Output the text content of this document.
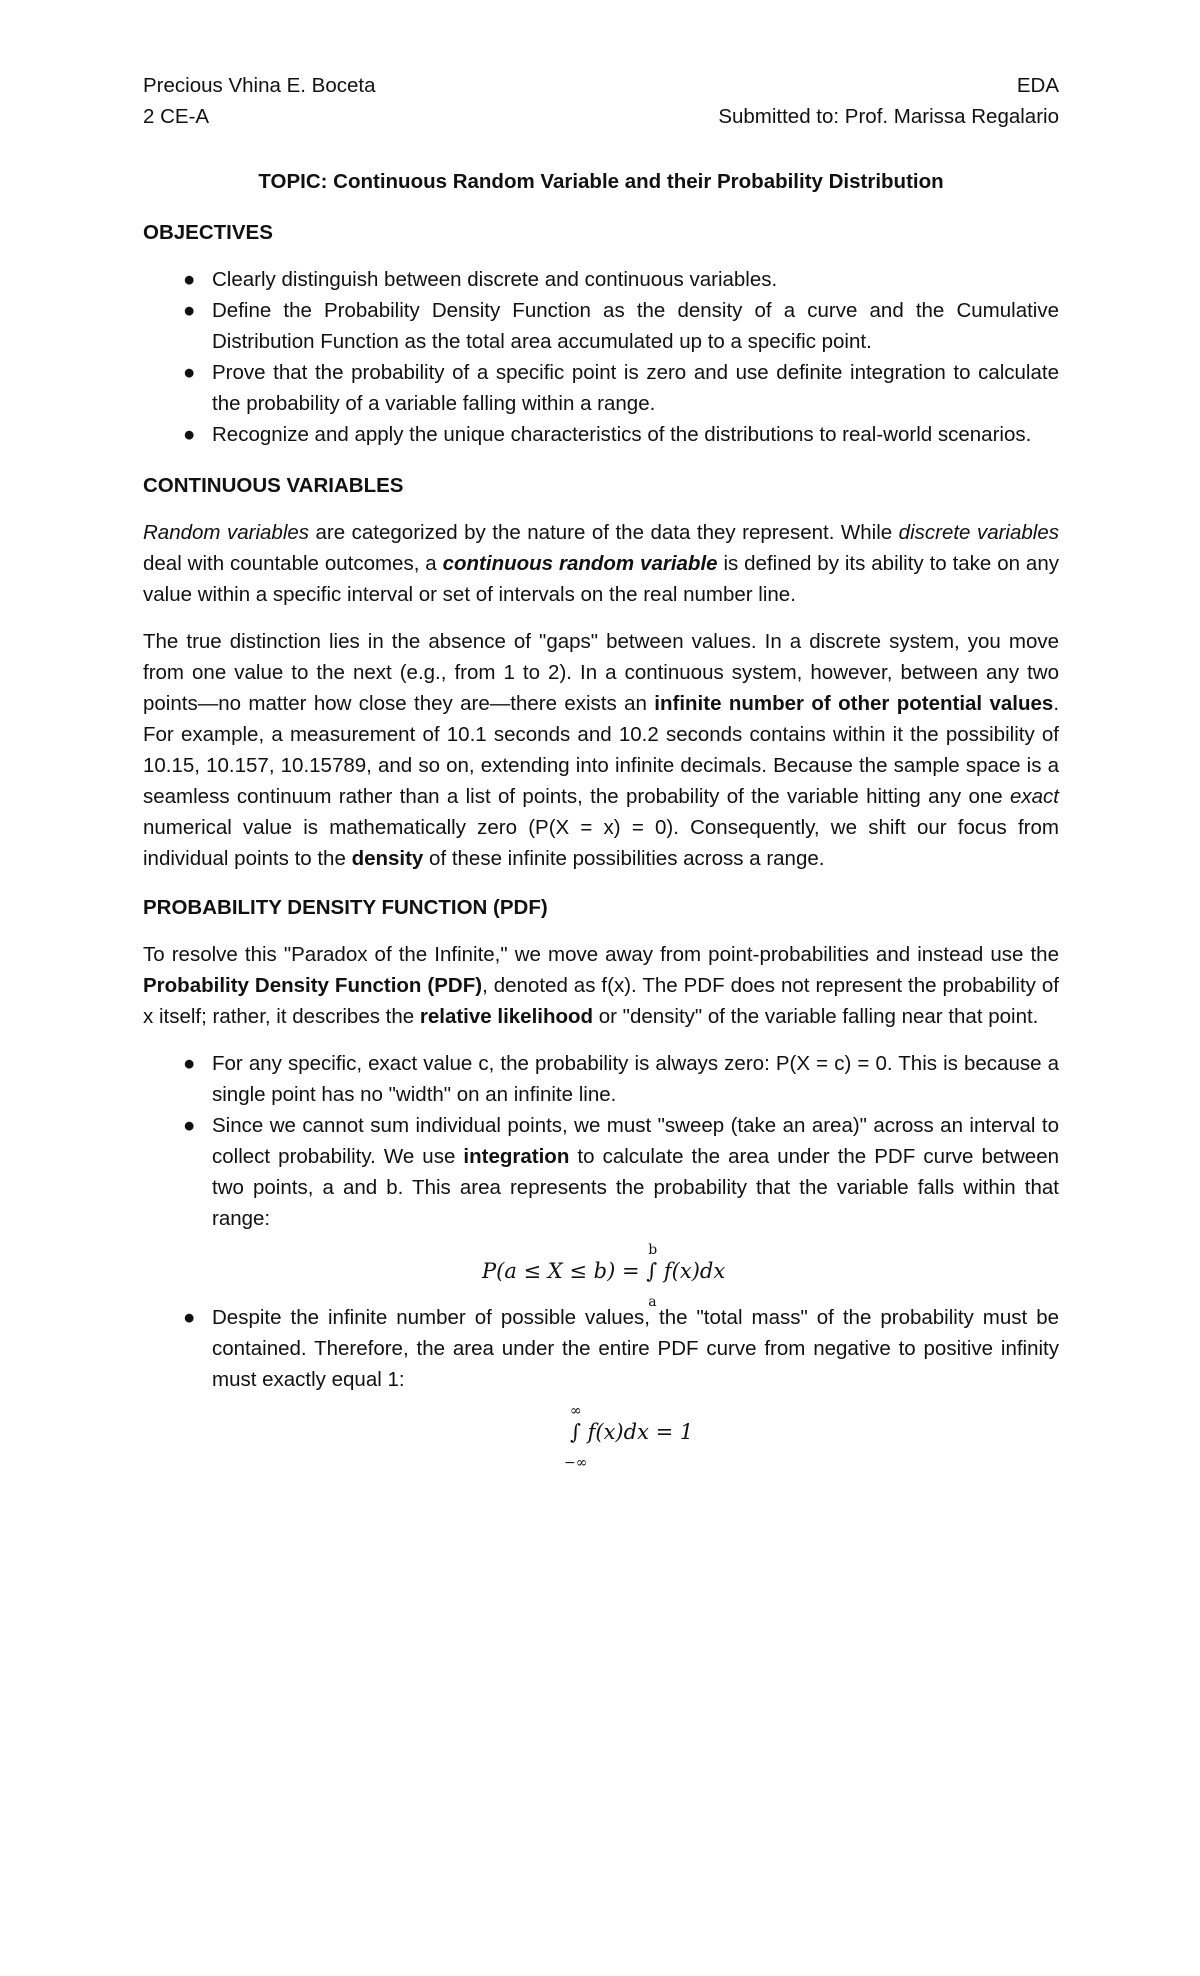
Precious Vhina E. Boceta	EDA
2 CE-A	Submitted to: Prof. Marissa Regalario
TOPIC: Continuous Random Variable and their Probability Distribution
OBJECTIVES
● Clearly distinguish between discrete and continuous variables.
● Define the Probability Density Function as the density of a curve and the Cumulative Distribution Function as the total area accumulated up to a specific point.
● Prove that the probability of a specific point is zero and use definite integration to calculate the probability of a variable falling within a range.
● Recognize and apply the unique characteristics of the distributions to real-world scenarios.
CONTINUOUS VARIABLES

Random variables are categorized by the nature of the data they represent. While discrete variables deal with countable outcomes, a continuous random variable is defined by its ability to take on any value within a specific interval or set of intervals on the real number line.

The true distinction lies in the absence of "gaps" between values. In a discrete system, you move from one value to the next (e.g., from 1 to 2). In a continuous system, however, between any two points—no matter how close they are—there exists an infinite number of other potential values. For example, a measurement of 10.1 seconds and 10.2 seconds contains within it the possibility of 10.15, 10.157, 10.15789, and so on, extending into infinite decimals. Because the sample space is a seamless continuum rather than a list of points, the probability of the variable hitting any one exact numerical value is mathematically zero (P(X = x) = 0). Consequently, we shift our focus from individual points to the density of these infinite possibilities across a range.

PROBABILITY DENSITY FUNCTION (PDF)

To resolve this "Paradox of the Infinite," we move away from point-probabilities and instead use the Probability Density Function (PDF), denoted as f(x). The PDF does not represent the probability of x itself; rather, it describes the relative likelihood or "density" of the variable falling near that point.

● For any specific, exact value c, the probability is always zero: P(X = c) = 0. This is because a single point has no "width" on an infinite line.
● Since we cannot sum individual points, we must "sweep (take an area)" across an interval to collect probability. We use integration to calculate the area under the PDF curve between two points, a and b. This area represents the probability that the variable falls within that range:
P(a ≤ X ≤ b) =
b
∫
a
f(x)dx
● Despite the infinite number of possible values, the "total mass" of the probability must be contained. Therefore, the area under the entire PDF curve from negative to positive infinity must exactly equal 1:
∞
∫
−∞
f(x)dx = 1
